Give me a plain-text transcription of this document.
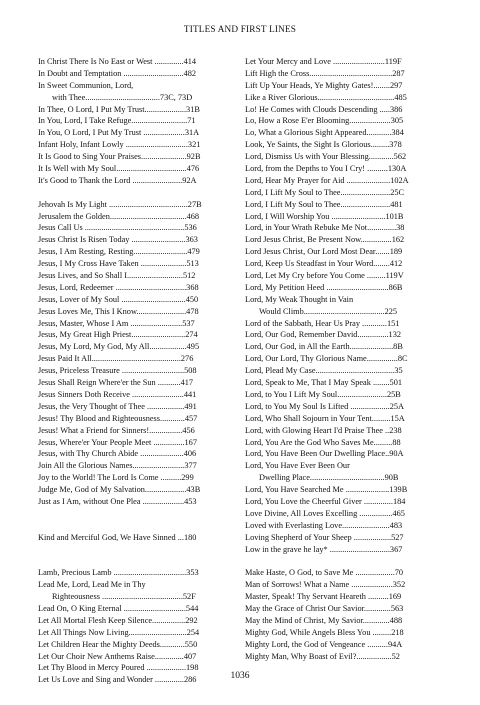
TITLES AND FIRST LINES
In Christ There Is No East or West ..............414
In Doubt and Temptation .............................482
In Sweet Communion, Lord,
with Thee....................................73C, 73D
In Thee, O Lord, I Put My Trust....................31B
In You, Lord, I Take Refuge...........................71
In You, O Lord, I Put My Trust ....................31A
Infant Holy, Infant Lowly ..............................321
It Is Good to Sing Your Praises......................92B
It Is Well with My Soul..................................476
It's Good to Thank the Lord ........................92A
Jehovah Is My Light ......................................27B
Jerusalem the Golden.....................................468
Jesus Call Us ................................................536
Jesus Christ Is Risen Today ..........................363
Jesus, I Am Resting, Resting..........................479
Jesus, I My Cross Have Taken ......................513
Jesus Lives, and So Shall I...........................512
Jesus, Lord, Redeemer ..................................368
Jesus, Lover of My Soul ...............................450
Jesus Loves Me, This I Know........................478
Jesus, Master, Whose I Am .........................537
Jesus, My Great High Priest..........................274
Jesus, My Lord, My God, My All..................495
Jesus Paid It All...........................................276
Jesus, Priceless Treasure ..............................508
Jesus Shall Reign Where'er the Sun ...........417
Jesus Sinners Doth Receive .........................441
Jesus, the Very Thought of Thee ..................491
Jesus! Thy Blood and Righteousness............457
Jesus! What a Friend for Sinners!................456
Jesus, Where'er Your People Meet ...............167
Jesus, with Thy Church Abide .....................406
Join All the Glorious Names.........................377
Joy to the World! The Lord Is Come ..........299
Judge Me, God of My Salvation....................43B
Just as I Am, without One Plea ....................453
Kind and Merciful God, We Have Sinned ...180
Lamb, Precious Lamb ...................................353
Lead Me, Lord, Lead Me in Thy
Righteousness .......................................52F
Lead On, O King Eternal ..............................544
Let All Mortal Flesh Keep Silence................292
Let All Things Now Living............................254
Let Children Hear the Mighty Deeds............550
Let Our Choir New Anthems Raise..............407
Let Thy Blood in Mercy Poured ...................198
Let Us Love and Sing and Wonder ..............286
Let Your Mercy and Love .........................119F
Lift High the Cross........................................287
Lift Up Your Heads, Ye Mighty Gates!........297
Like a River Glorious.....................................485
Lo! He Comes with Clouds Descending .....386
Lo, How a Rose E'er Blooming....................305
Lo, What a Glorious Sight Appeared............384
Look, Ye Saints, the Sight Is Glorious.........378
Lord, Dismiss Us with Your Blessing............562
Lord, from the Depths to You I Cry! ..........130A
Lord, Hear My Prayer for Aid .....................102A
Lord, I Lift My Soul to Thee........................25C
Lord, I Lift My Soul to Thee........................481
Lord, I Will Worship You ..........................101B
Lord, in Your Wrath Rebuke Me Not..............38
Lord Jesus Christ, Be Present Now...............162
Lord Jesus Christ, Our Lord Most Dear.......189
Lord, Keep Us Steadfast in Your Word........412
Lord, Let My Cry before You Come .........119V
Lord, My Petition Heed ..............................86B
Lord, My Weak Thought in Vain
Would Climb.......................................225
Lord of the Sabbath, Hear Us Pray ............151
Lord, Our God, Remember David...............132
Lord, Our God, in All the Earth.....................8B
Lord, Our Lord, Thy Glorious Name...............8C
Lord, Plead My Case......................................35
Lord, Speak to Me, That I May Speak ........501
Lord, to You I Lift My Soul........................25B
Lord, to You My Soul Is Lifted ...................25A
Lord, Who Shall Sojourn in Your Tent.........15A
Lord, with Glowing Heart I'd Praise Thee ..238
Lord, You Are the God Who Saves Me.........88
Lord, You Have Been Our Dwelling Place..90A
Lord, You Have Ever Been Our
Dwelling Place....................................90B
Lord, You Have Searched Me .....................139B
Lord, You Love the Cheerful Giver ..............184
Love Divine, All Loves Excelling ................465
Loved with Everlasting Love.......................483
Loving Shepherd of Your Sheep ..................527
Low in the grave he lay* .............................367
Make Haste, O God, to Save Me ...................70
Man of Sorrows! What a Name ....................352
Master, Speak! Thy Servant Heareth ..........169
May the Grace of Christ Our Savior.............563
May the Mind of Christ, My Savior.............488
Mighty God, While Angels Bless You .........218
Mighty Lord, the God of Vengeance ..........94A
Mighty Man, Why Boast of Evil?.................52
1036
